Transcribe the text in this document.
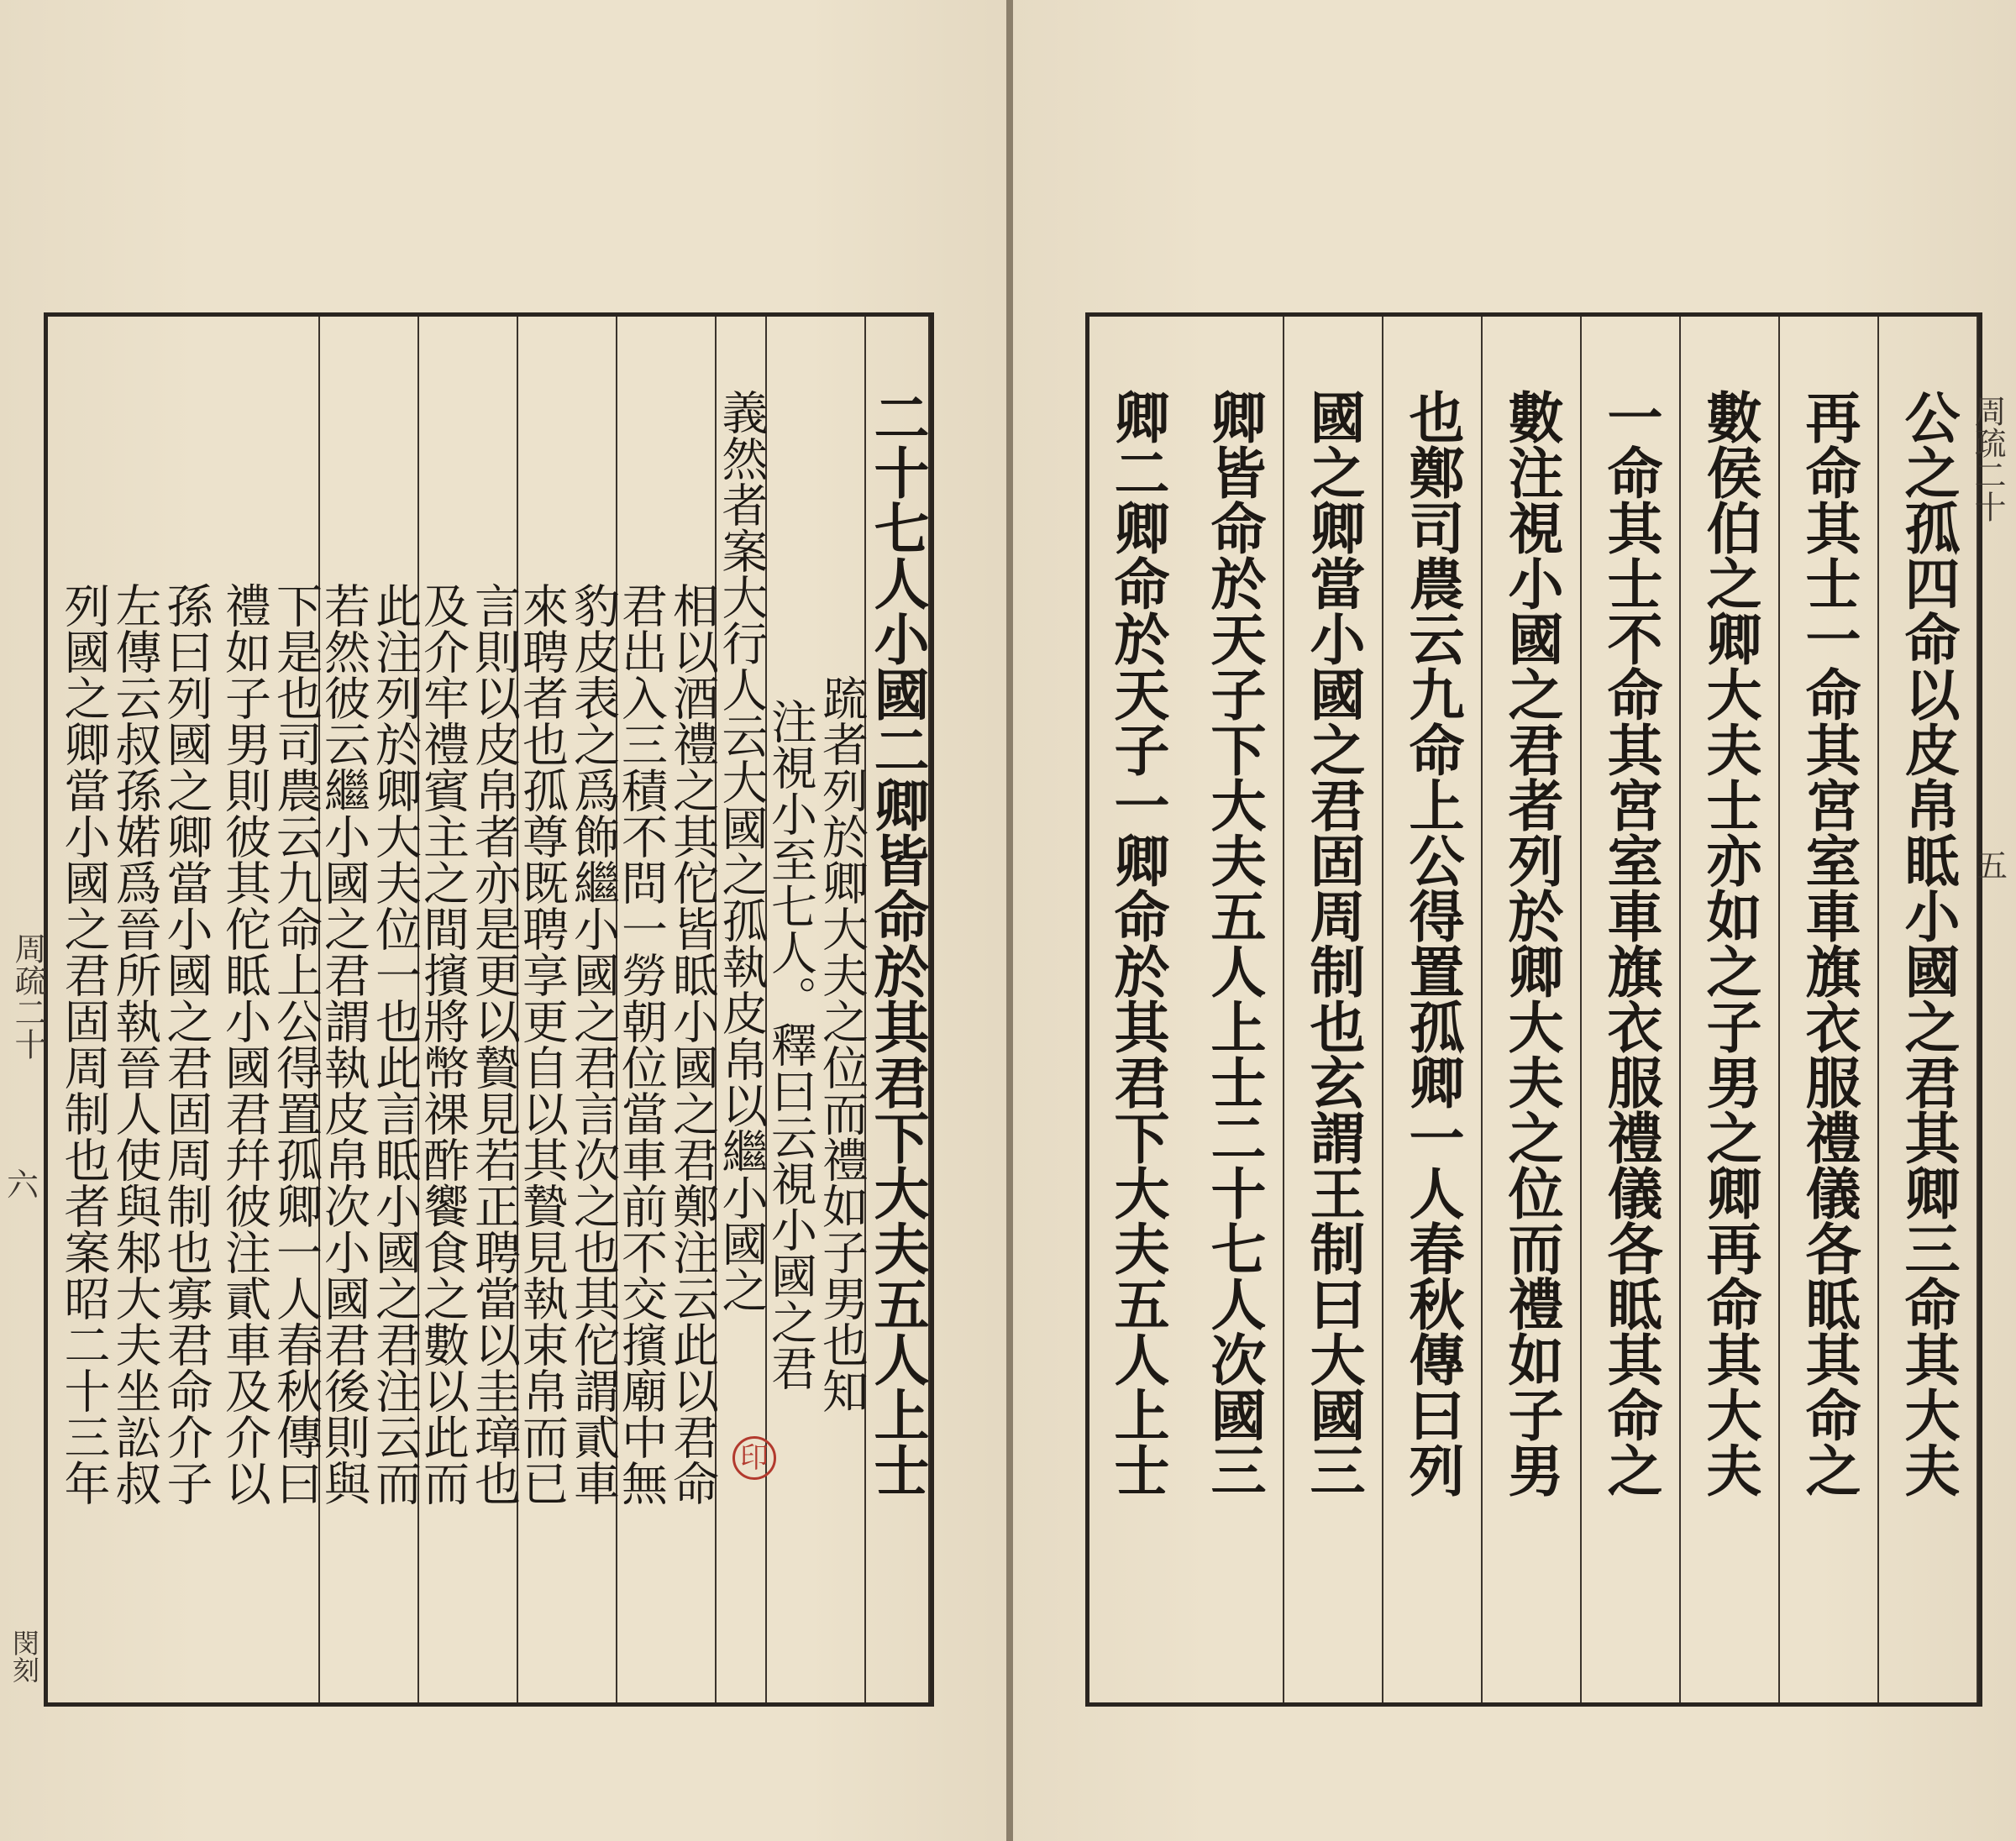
二十七人小國二卿皆命於其君下大夫五人上士
注視小至七人。釋曰云視小國之君
䟽者列於卿大夫之位而禮如子男也知
義然者案大行人云大國之孤執皮帛以繼小國之
君出入三積不問一勞朝位當車前不交擯廟中無
相以酒禮之其佗皆眡小國之君鄭注云此以君命
來聘者也孤尊既聘享更自以其贄見執束帛而已
豹皮表之爲飾繼小國之君言次之也其佗謂貳車
及介牢禮賓主之間擯將幣祼酢饗食之數以此而
言則以皮帛者亦是更以贄見若正聘當以圭璋也
若然彼云繼小國之君謂執皮帛次小國君後則與
此注列於卿大夫位一也此言眡小國之君注云而
禮如子男則彼其佗眡小國君幷彼注貳車及介以
下是也司農云九命上公得置孤卿一人春秋傳曰
列國之卿當小國之君固周制也者案昭二十三年
左傳云叔孫婼爲晉所執晉人使與邾大夫坐訟叔
孫曰列國之卿當小國之君固周制也寡君命介子
周疏二十
六
閔刻
印	公之孤四命以皮帛眡小國之君其卿三命其大夫
再命其士一命其宮室車旗衣服禮儀各眡其命之
數侯伯之卿大夫士亦如之子男之卿再命其大夫
一命其士不命其宮室車旗衣服禮儀各眡其命之
數注視小國之君者列於卿大夫之位而禮如子男
也鄭司農云九命上公得置孤卿一人春秋傳曰列
國之卿當小國之君固周制也玄謂王制曰大國三
卿皆命於天子下大夫五人上士二十七人次國三
卿二卿命於天子一卿命於其君下大夫五人上士	周疏二十
五
